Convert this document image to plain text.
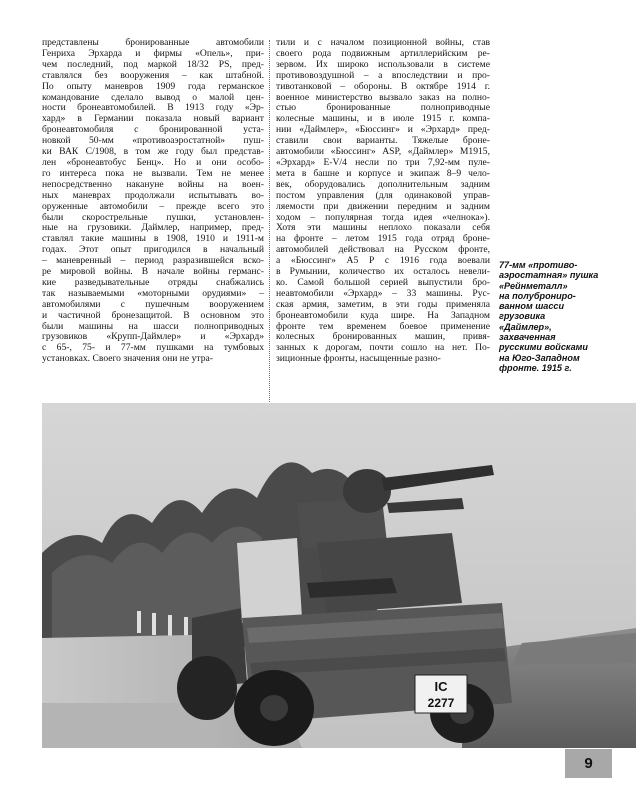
представлены бронированные автомобили

Генриха Эрхарда и фирмы «Опель», при-

чем последний, под маркой 18/32 PS, пред-

ставлялся без вооружения – как штабной.

По опыту маневров 1909 года германское

командование сделало вывод о малой цен-

ности бронеавтомобилей. В 1913 году «Эр-

хард» в Германии показала новый вариант

бронеавтомобиля с бронированной уста-

новкой 50-мм «противоаэростатной» пуш-

ки ВАК С/1908, в том же году был представ-

лен «бронеавтобус Бенц». Но и они особо-

го интереса пока не вызвали. Тем не менее

непосредственно накануне войны на воен-

ных маневрах продолжали испытывать во-

оруженные автомобили – прежде всего это

были скорострельные пушки, установлен-

ные на грузовики. Даймлер, например, пред-

ставлял такие машины в 1908, 1910 и 1911-м

годах. Этот опыт пригодился в начальный

– маневренный – период разразившейся вско-

ре мировой войны. В начале войны германс-

кие разведывательные отряды снабжались

так называемыми «моторными орудиями» –

автомобилями с пушечным вооружением

и частичной бронезащитой. В основном это

были машины на шасси полноприводных

грузовиков «Крупп-Даймлер» и «Эрхард»

с 65-, 75- и 77-мм пушками на тумбовых

установках. Своего значения они не утра-

тили и с началом позиционной войны, став

своего рода подвижным артиллерийским ре-

зервом. Их широко использовали в системе

противовоздушной – а впоследствии и про-

тивотанковой – обороны. В октябре 1914 г.

военное министерство вызвало заказ на полно-

стью бронированные полноприводные

колесные машины, и в июле 1915 г. компа-

нии «Даймлер», «Бюссинг» и «Эрхард» пред-

ставили свои варианты. Тяжелые броне-

автомобили «Бюссинг» ASP, «Даймлер» М1915,

«Эрхард» Е-V/4 несли по три 7,92-мм пуле-

мета в башне и корпусе и экипаж 8–9 чело-

век, оборудовались дополнительным задним

постом управления (для одинаковой управ-

ляемости при движении передним и задним

ходом – популярная тогда идея «челнока»).

Хотя эти машины неплохо показали себя

на фронте – летом 1915 года отряд броне-

автомобилей действовал на Русском фронте,

а «Бюссинг» А5 Р с 1916 года воевали

в Румынии, количество их осталось невели-

ко. Самой большой серией выпустили бро-

неавтомобили «Эрхард» – 33 машины. Рус-

ская армия, заметим, в эти годы применяла

бронеавтомобили куда шире. На Западном

фронте тем временем боевое применение

колесных бронированных машин, привя-

занных к дорогам, почти сошло на нет. По-

зиционные фронты, насыщенные разно-

77-мм «противо-

аэростатная» пушка

«Рейнметалл»

на полубронирo-

ванном шасси

грузовика

«Даймлер»,

захваченная

русскими войсками

на Юго-Западном

фронте. 1915 г.

IC
2277
9
